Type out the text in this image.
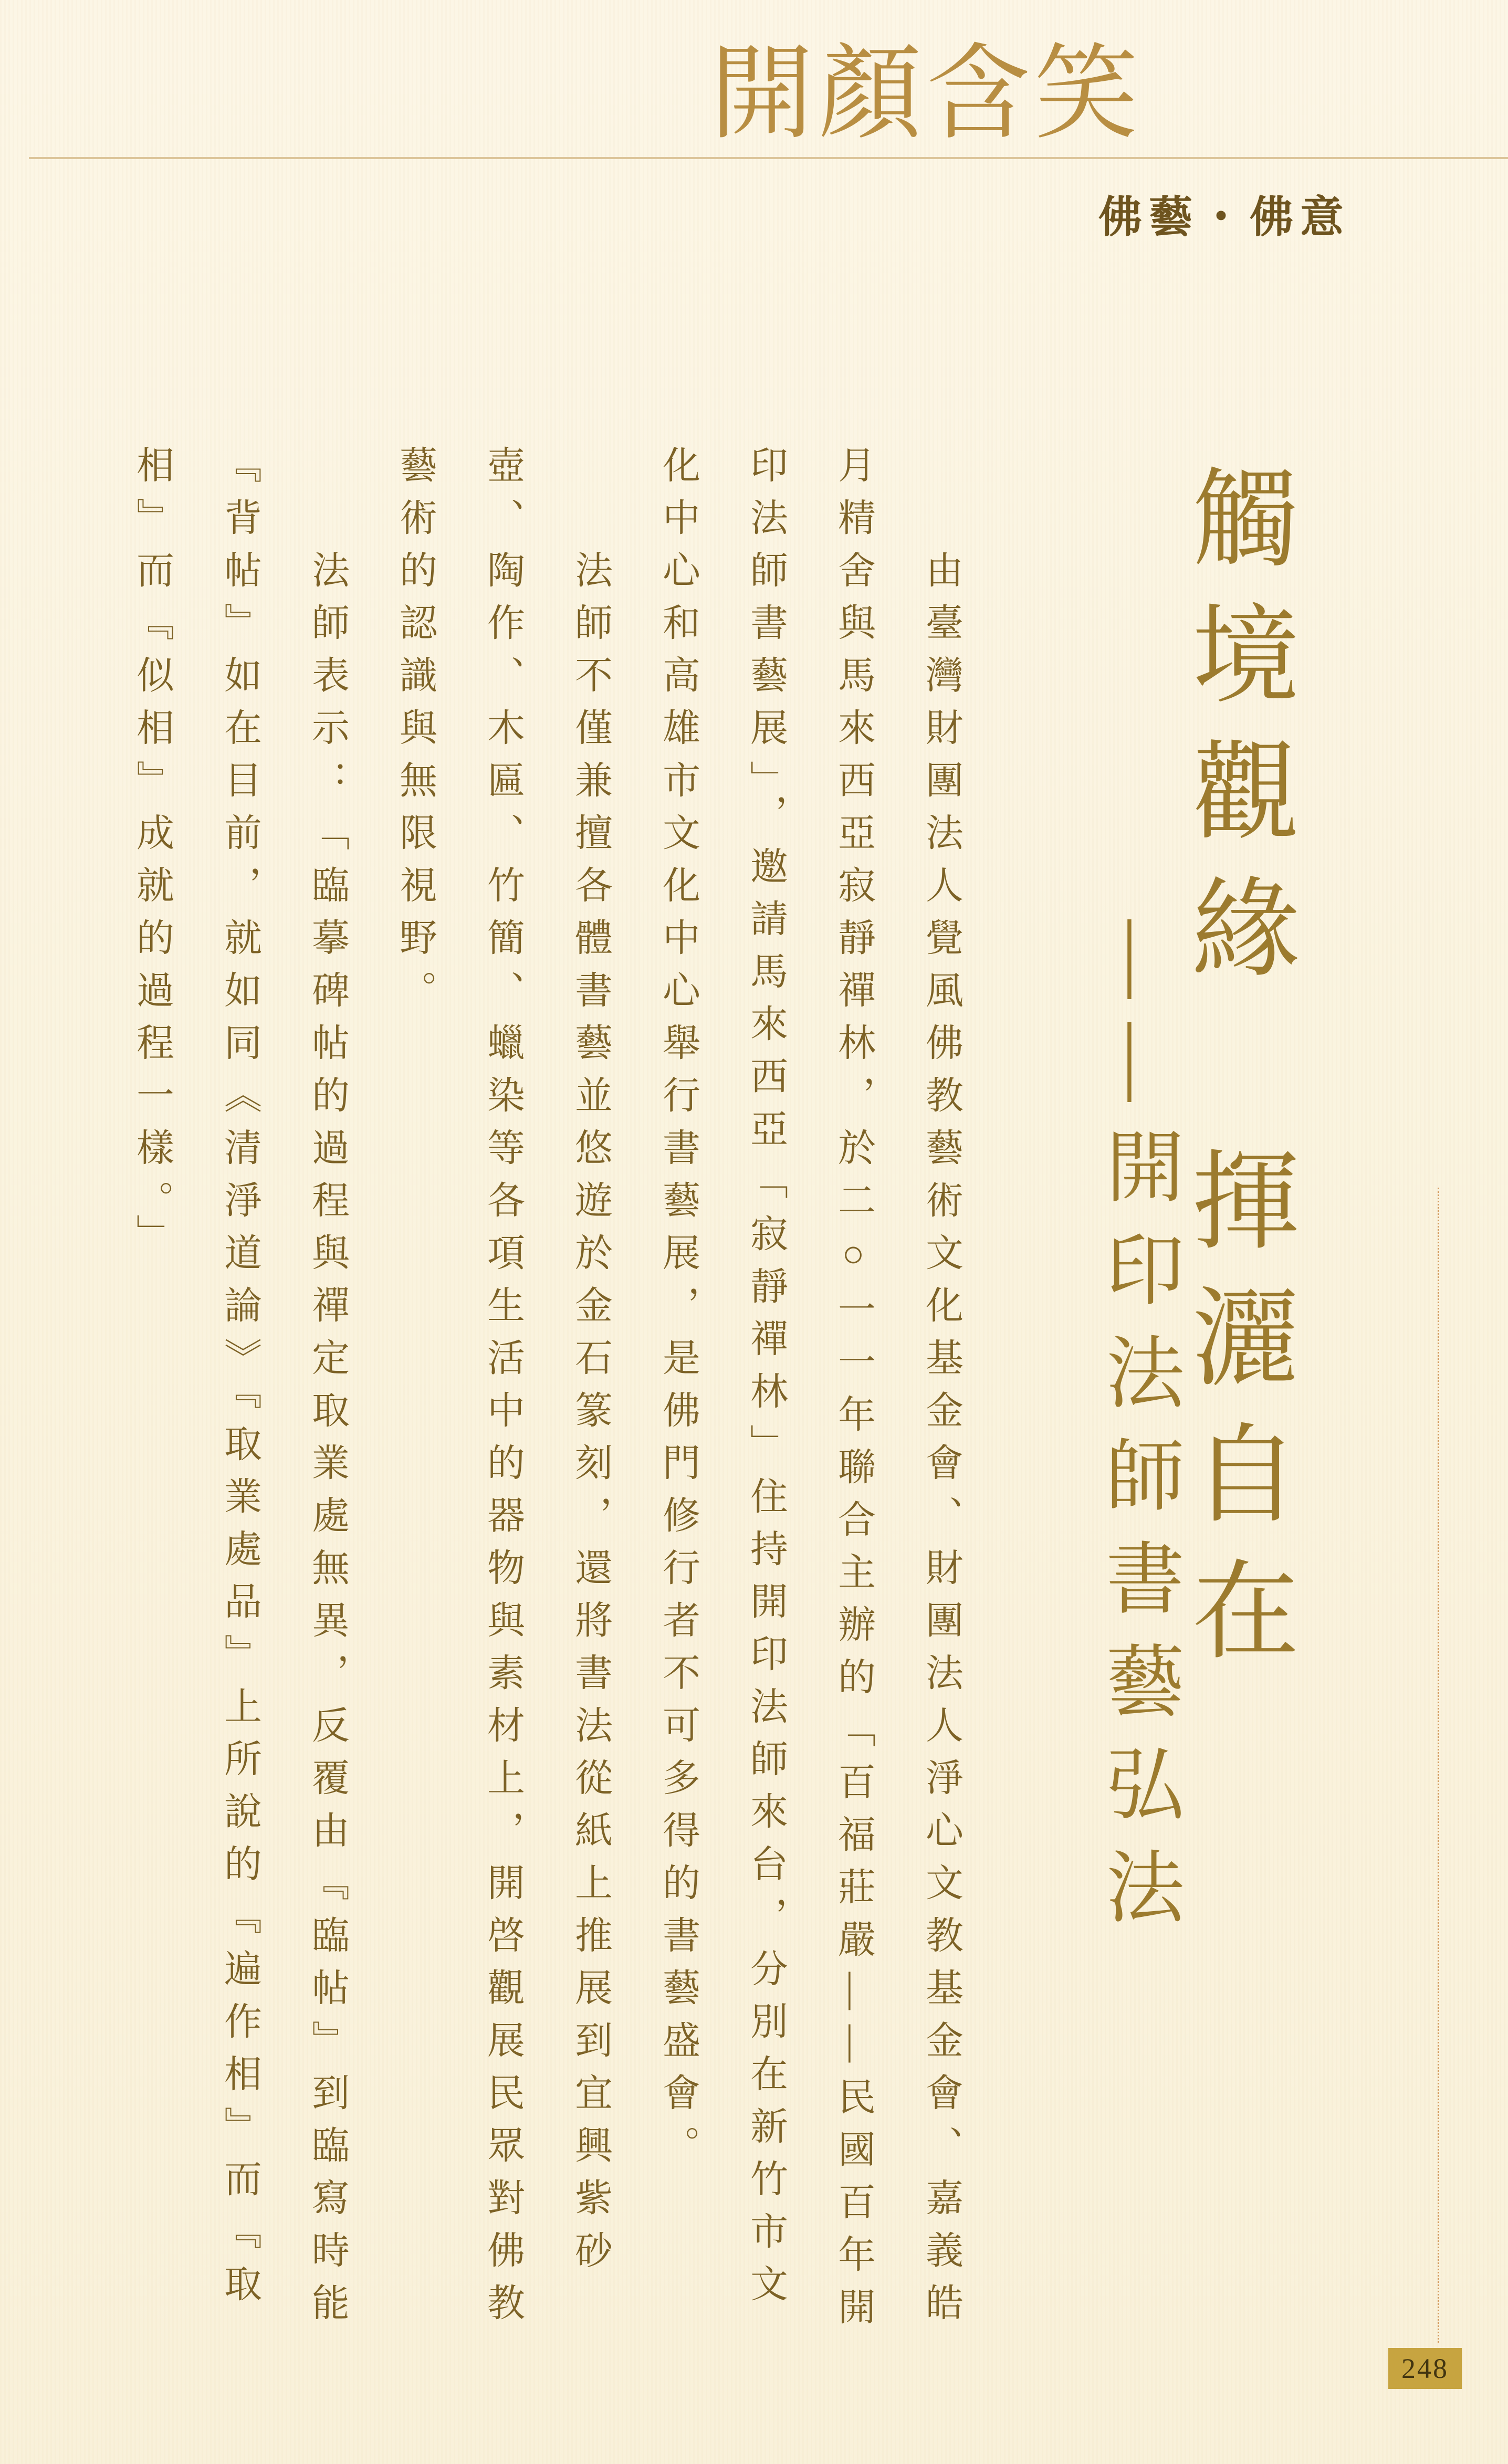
開顏含笑
佛藝・佛意
觸境觀緣　揮灑自在
——開印法師書藝弘法

由臺灣財團法人覺風佛教藝術文化基金會、財團法人淨心文教基金會、嘉義皓月精舍與馬來西亞寂靜禪林，於二○一一年聯合主辦的「百福莊嚴——民國百年開印法師書藝展」，邀請馬來西亞「寂靜禪林」住持開印法師來台，分別在新竹市文化中心和高雄市文化中心舉行書藝展，是佛門修行者不可多得的書藝盛會。

法師不僅兼擅各體書藝並悠遊於金石篆刻，還將書法從紙上推展到宜興紫砂壺、陶作、木匾、竹簡、蠟染等各項生活中的器物與素材上，開啓觀展民眾對佛教藝術的認識與無限視野。

法師表示：「臨摹碑帖的過程與禪定取業處無異，反覆由『臨帖』到臨寫時能『背帖』如在目前，就如同《清淨道論》『取業處品』上所說的『遍作相』而『取相』而『似相』成就的過程一樣。」

248
